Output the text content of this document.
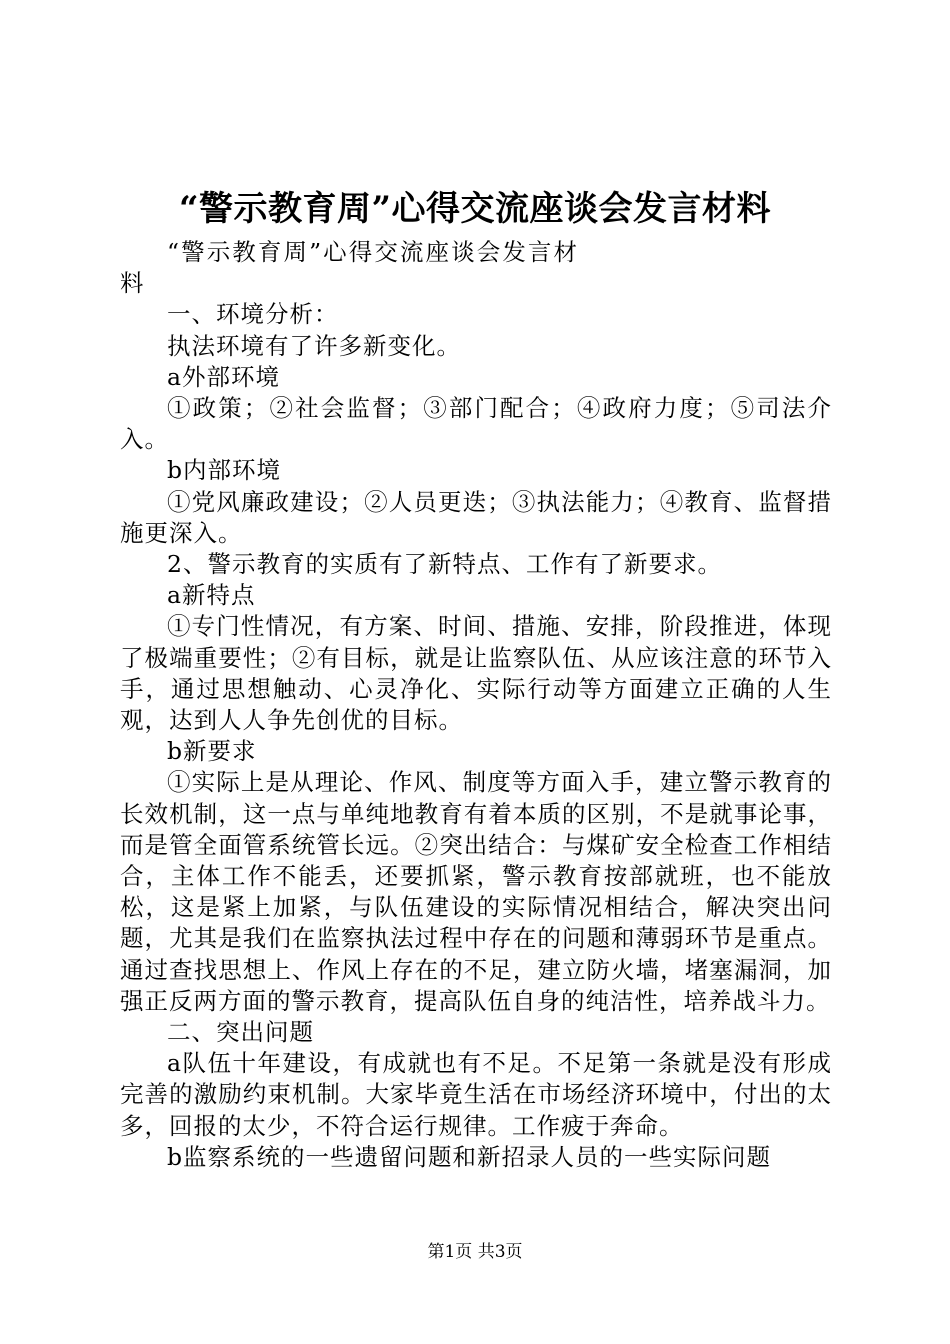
“警示教育周”心得交流座谈会发言材料

“警示教育周”心得交流座谈会发言材料

一、环境分析：

执法环境有了许多新变化。

a外部环境

①政策；②社会监督；③部门配合；④政府力度；⑤司法介入。

b内部环境

①党风廉政建设；②人员更迭；③执法能力；④教育、监督措施更深入。

2、警示教育的实质有了新特点、工作有了新要求。

a新特点

①专门性情况，有方案、时间、措施、安排，阶段推进，体现了极端重要性；②有目标，就是让监察队伍、从应该注意的环节入手，通过思想触动、心灵净化、实际行动等方面建立正确的人生观，达到人人争先创优的目标。

b新要求

①实际上是从理论、作风、制度等方面入手，建立警示教育的长效机制，这一点与单纯地教育有着本质的区别，不是就事论事，而是管全面管系统管长远。②突出结合：与煤矿安全检查工作相结合，主体工作不能丢，还要抓紧，警示教育按部就班，也不能放松，这是紧上加紧，与队伍建设的实际情况相结合，解决突出问题，尤其是我们在监察执法过程中存在的问题和薄弱环节是重点。通过查找思想上、作风上存在的不足，建立防火墙，堵塞漏洞，加强正反两方面的警示教育，提高队伍自身的纯洁性，培养战斗力。

二、突出问题

a队伍十年建设，有成就也有不足。不足第一条就是没有形成完善的激励约束机制。大家毕竟生活在市场经济环境中，付出的太多，回报的太少，不符合运行规律。工作疲于奔命。

b监察系统的一些遗留问题和新招录人员的一些实际问题

第1页 共3页
